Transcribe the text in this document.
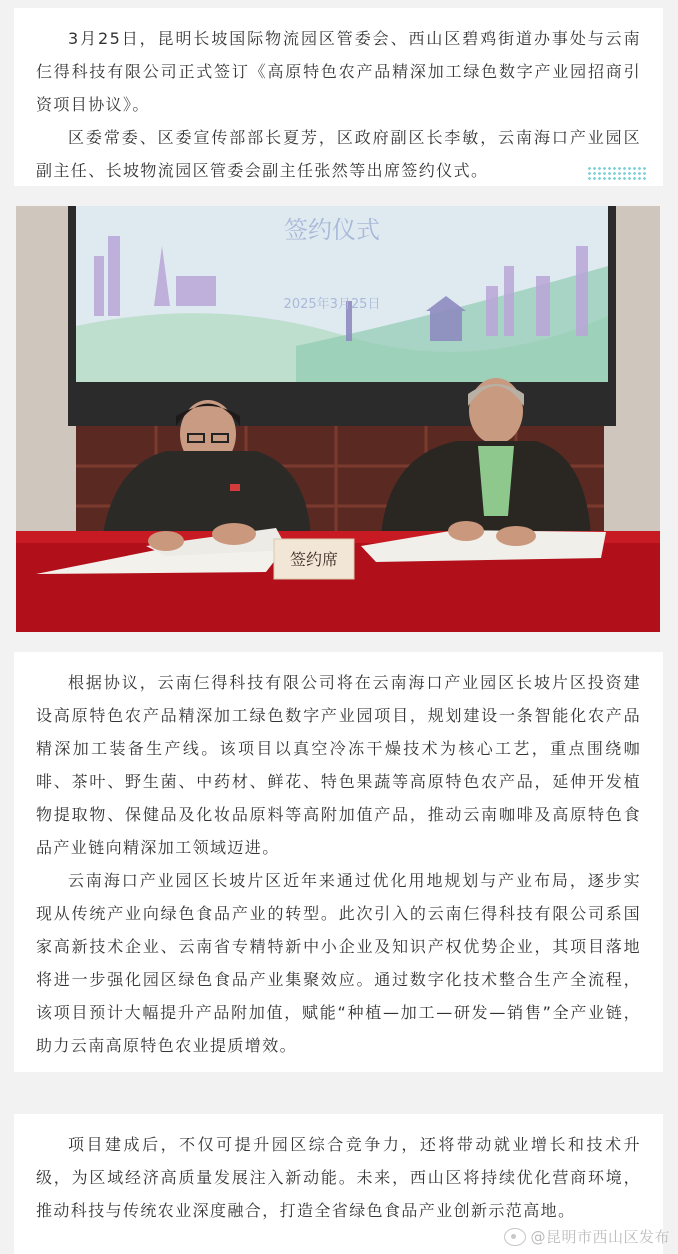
3月25日，昆明长坡国际物流园区管委会、西山区碧鸡街道办事处与云南仨得科技有限公司正式签订《高原特色农产品精深加工绿色数字产业园招商引资项目协议》。

区委常委、区委宣传部部长夏芳，区政府副区长李敏，云南海口产业园区副主任、长坡物流园区管委会副主任张然等出席签约仪式。

签约仪式
2025年3月25日
签约席

根据协议，云南仨得科技有限公司将在云南海口产业园区长坡片区投资建设高原特色农产品精深加工绿色数字产业园项目，规划建设一条智能化农产品精深加工装备生产线。该项目以真空冷冻干燥技术为核心工艺，重点围绕咖啡、茶叶、野生菌、中药材、鲜花、特色果蔬等高原特色农产品，延伸开发植物提取物、保健品及化妆品原料等高附加值产品，推动云南咖啡及高原特色食品产业链向精深加工领域迈进。

云南海口产业园区长坡片区近年来通过优化用地规划与产业布局，逐步实现从传统产业向绿色食品产业的转型。此次引入的云南仨得科技有限公司系国家高新技术企业、云南省专精特新中小企业及知识产权优势企业，其项目落地将进一步强化园区绿色食品产业集聚效应。通过数字化技术整合生产全流程，该项目预计大幅提升产品附加值，赋能“种植—加工—研发—销售”全产业链，助力云南高原特色农业提质增效。

项目建成后，不仅可提升园区综合竞争力，还将带动就业增长和技术升级，为区域经济高质量发展注入新动能。未来，西山区将持续优化营商环境，推动科技与传统农业深度融合，打造全省绿色食品产业创新示范高地。

@昆明市西山区发布
